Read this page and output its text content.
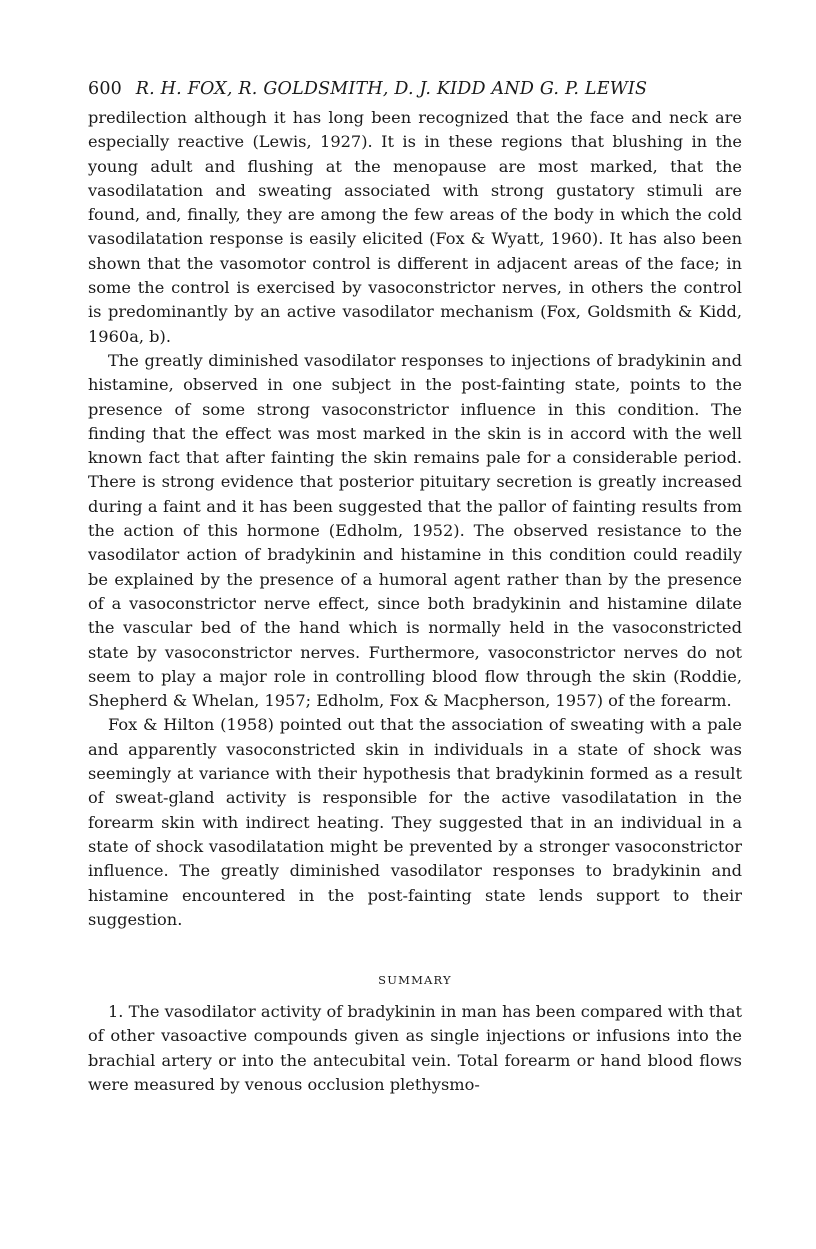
600 R. H. FOX, R. GOLDSMITH, D. J. KIDD AND G. P. LEWIS

predilection although it has long been recognized that the face and neck are especially reactive (Lewis, 1927). It is in these regions that blushing in the young adult and flushing at the menopause are most marked, that the vasodilatation and sweating associated with strong gustatory stimuli are found, and, finally, they are among the few areas of the body in which the cold vasodilatation response is easily elicited (Fox & Wyatt, 1960). It has also been shown that the vasomotor control is different in adjacent areas of the face; in some the control is exercised by vasoconstrictor nerves, in others the control is predominantly by an active vasodilator mechanism (Fox, Goldsmith & Kidd, 1960a, b).

The greatly diminished vasodilator responses to injections of bradykinin and histamine, observed in one subject in the post-fainting state, points to the presence of some strong vasoconstrictor influence in this condition. The finding that the effect was most marked in the skin is in accord with the well known fact that after fainting the skin remains pale for a considerable period. There is strong evidence that posterior pituitary secretion is greatly increased during a faint and it has been suggested that the pallor of fainting results from the action of this hormone (Edholm, 1952). The observed resistance to the vasodilator action of bradykinin and histamine in this condition could readily be explained by the presence of a humoral agent rather than by the presence of a vasoconstrictor nerve effect, since both bradykinin and histamine dilate the vascular bed of the hand which is normally held in the vasoconstricted state by vasoconstrictor nerves. Furthermore, vasoconstrictor nerves do not seem to play a major role in controlling blood flow through the skin (Roddie, Shepherd & Whelan, 1957; Edholm, Fox & Macpherson, 1957) of the forearm.

Fox & Hilton (1958) pointed out that the association of sweating with a pale and apparently vasoconstricted skin in individuals in a state of shock was seemingly at variance with their hypothesis that bradykinin formed as a result of sweat-gland activity is responsible for the active vasodilatation in the forearm skin with indirect heating. They suggested that in an individual in a state of shock vasodilatation might be prevented by a stronger vasoconstrictor influence. The greatly diminished vasodilator responses to bradykinin and histamine encountered in the post-fainting state lends support to their suggestion.

SUMMARY

1. The vasodilator activity of bradykinin in man has been compared with that of other vasoactive compounds given as single injections or infusions into the brachial artery or into the antecubital vein. Total forearm or hand blood flows were measured by venous occlusion plethysmo-
